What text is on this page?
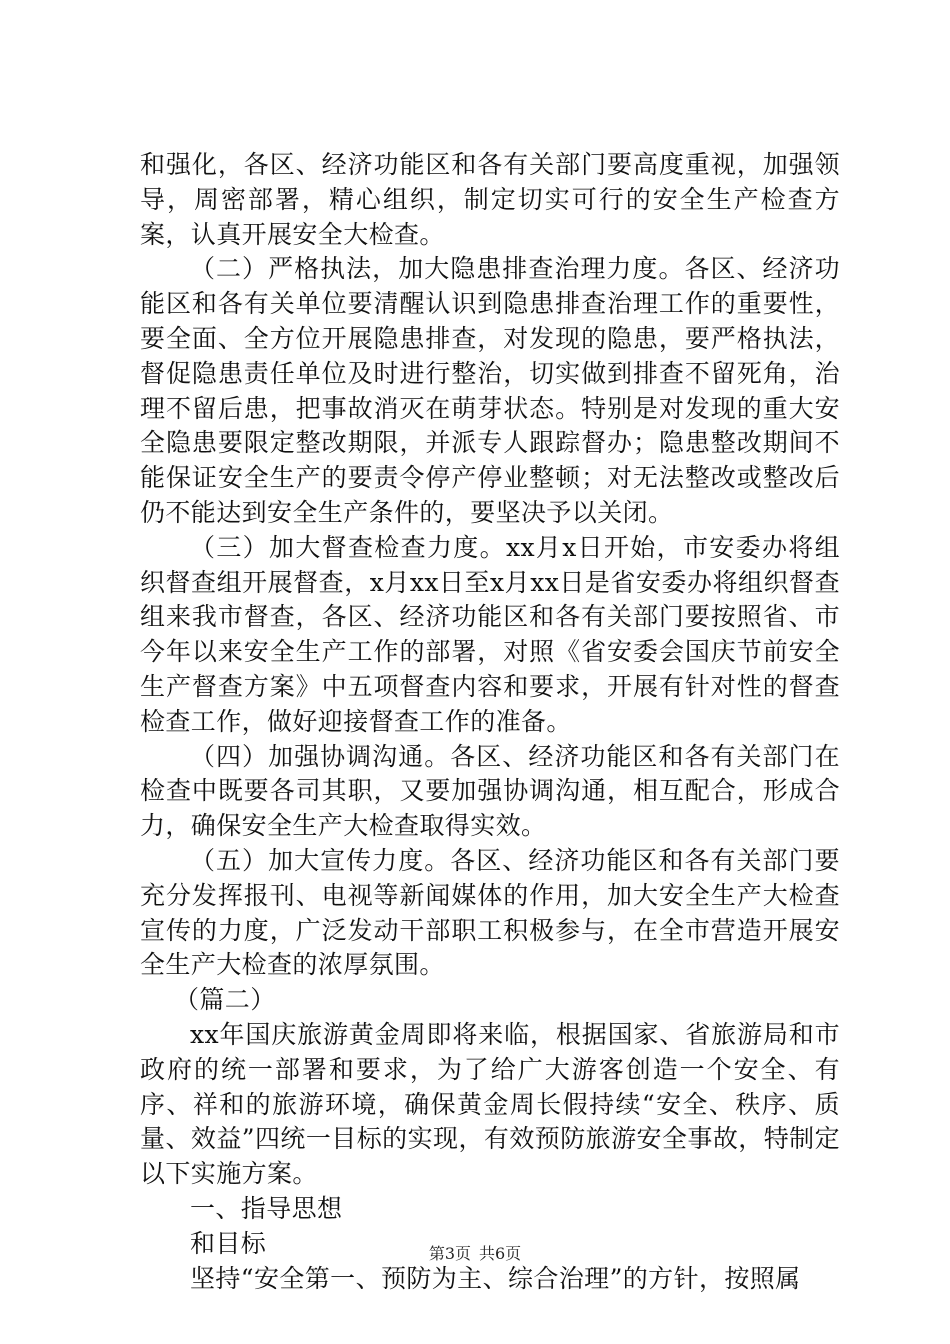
和强化，各区、经济功能区和各有关部门要高度重视，加强领导，周密部署，精心组织，制定切实可行的安全生产检查方案，认真开展安全大检查。

（二）严格执法，加大隐患排查治理力度。各区、经济功能区和各有关单位要清醒认识到隐患排查治理工作的重要性，要全面、全方位开展隐患排查，对发现的隐患，要严格执法，督促隐患责任单位及时进行整治，切实做到排查不留死角，治理不留后患，把事故消灭在萌芽状态。特别是对发现的重大安全隐患要限定整改期限，并派专人跟踪督办；隐患整改期间不能保证安全生产的要责令停产停业整顿；对无法整改或整改后仍不能达到安全生产条件的，要坚决予以关闭。

（三）加大督查检查力度。xx月x日开始，市安委办将组织督查组开展督查，x月xx日至x月xx日是省安委办将组织督查组来我市督查，各区、经济功能区和各有关部门要按照省、市今年以来安全生产工作的部署，对照《省安委会国庆节前安全生产督查方案》中五项督查内容和要求，开展有针对性的督查检查工作，做好迎接督查工作的准备。

（四）加强协调沟通。各区、经济功能区和各有关部门在检查中既要各司其职，又要加强协调沟通，相互配合，形成合力，确保安全生产大检查取得实效。

（五）加大宣传力度。各区、经济功能区和各有关部门要充分发挥报刊、电视等新闻媒体的作用，加大安全生产大检查宣传的力度，广泛发动干部职工积极参与，在全市营造开展安全生产大检查的浓厚氛围。

（篇二）

xx年国庆旅游黄金周即将来临，根据国家、省旅游局和市政府的统一部署和要求，为了给广大游客创造一个安全、有序、祥和的旅游环境，确保黄金周长假持续“安全、秩序、质量、效益”四统一目标的实现，有效预防旅游安全事故，特制定以下实施方案。

一、指导思想

和目标

坚持“安全第一、预防为主、综合治理”的方针，按照属

第3页 共6页
